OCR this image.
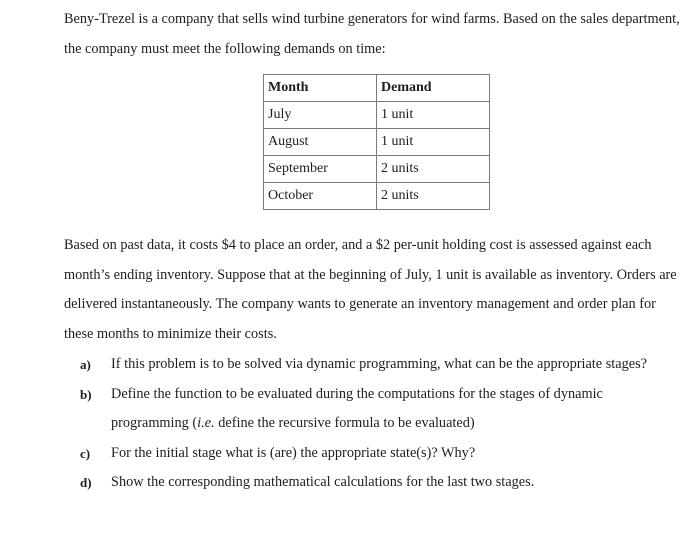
Beny-Trezel is a company that sells wind turbine generators for wind farms. Based on the sales department, the company must meet the following demands on time:

Month	Demand
July	1 unit
August	1 unit
September	2 units
October	2 units

Based on past data, it costs $4 to place an order, and a $2 per-unit holding cost is assessed against each month’s ending inventory. Suppose that at the beginning of July, 1 unit is available as inventory. Orders are delivered instantaneously. The company wants to generate an inventory management and order plan for these months to minimize their costs.

a) If this problem is to be solved via dynamic programming, what can be the appropriate stages?
b) Define the function to be evaluated during the computations for the stages of dynamic programming (i.e. define the recursive formula to be evaluated)
c) For the initial stage what is (are) the appropriate state(s)? Why?
d) Show the corresponding mathematical calculations for the last two stages.
